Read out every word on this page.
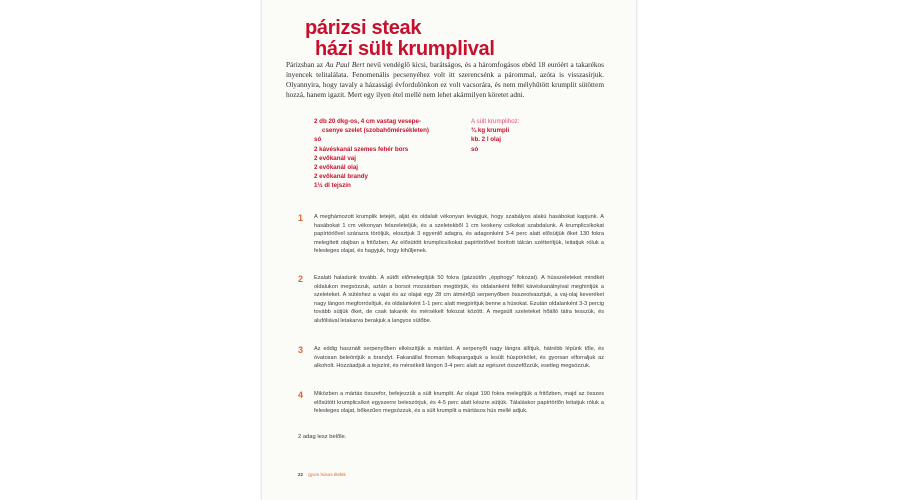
párizsi steak
házi sült krumplival

Párizsban az Au Paul Bert nevű vendéglő kicsi, barátságos, és a háromfogásos ebéd 18 euróért a takarékos ínyencek telitalálata. Fenomenális pecsenyéhez volt itt szerencsénk a párommal, azóta is visszasírjuk. Olyannyira, hogy tavaly a házassági évfordulónkon ez volt vacsorára, és nem mélyhűtött krumplit sütöttem hozzá, hanem igazit. Mert egy ilyen étel mellé nem lehet akármilyen köretet adni.

2 db 20 dkg-os, 4 cm vastag vesepe-
csenye szelet (szobahőmérsékleten)
só
2 kávéskanál szemes fehér bors
2 evőkanál vaj
2 evőkanál olaj
2 evőkanál brandy
1½ dl tejszín
A sült krumplihoz:
¾ kg krumpli
kb. 2 l olaj
só
1 A meghámozott krumplik tetejét, alját és oldalait vékonyan levágjuk, hogy szabályos alakú hasábokat kapjunk. A hasábokat 1 cm vékonyan felszeleteljük, és a szeletekből 1 cm keskeny csíkokat szabdalunk. A krumplicsíkokat papírtörlővel szárazra töröljük, elosztjuk 3 egyenlő adagra, és adagonként 3-4 perc alatt elősütjük őket 130 fokra melegített olajban a fritőzben. Az elősütött krumplicsíkokat papírtörlővel borított tálcán szétterítjük, leitatjuk róluk a felesleges olajat, és hagyjuk, hogy kihűljenek.

2 Ezalatt haladunk tovább. A sütőt előmelegítjük 50 fokra (gázsütőn „épphogy” fokozat). A hússzeleteket mindkét oldalukon megsózzuk, aztán a borsot mozsárban megtörjük, és oldalanként félfél kávéskanálnyival meghintjük a szeleteket. A sütéshez a vajat és az olajat egy 28 cm átmérőjű serpenyőben összeolvasztjuk, a vaj-olaj keveréket nagy lángon megforrósítjuk, és oldalanként 1-1 perc alatt megpirítjuk benne a húsokat. Ezután oldalanként 3-3 percig tovább sütjük őket, de csak takarék és mérsékelt fokozat között. A megsült szeleteket hőálló tálra tesszük, és alufóliával letakarva berakjuk a langyos sütőbe.

3 Az eddig használt serpenyőben elkészítjük a mártást. A serpenyőt nagy lángra állítjuk, hátrébb lépünk tőle, és óvatosan beleöntjük a brandyt. Fakanállal finoman felkapargatjuk a lesült húspörkölet, és gyorsan elforraljuk az alkoholt. Hozzáadjuk a tejszínt, és mérsékelt lángon 3-4 perc alatt az egészet összefőzzük, esetleg megsózzuk.

4 Miközben a mártás összefor, befejezzük a sült krumplit. Az olajat 190 fokra melegítjük a fritőzben, majd az összes elősütött krumplicsíkot egyszerre beleszórjuk, és 4-5 perc alatt készre sütjük. Tálaláskor papírtörlőn leitatjuk róluk a felesleges olajat, bőkezűen megsózzuk, és a sült krumplit a mártásos hús mellé adjuk.

2 adag lesz belőle.

22 gyors húsos ételek
